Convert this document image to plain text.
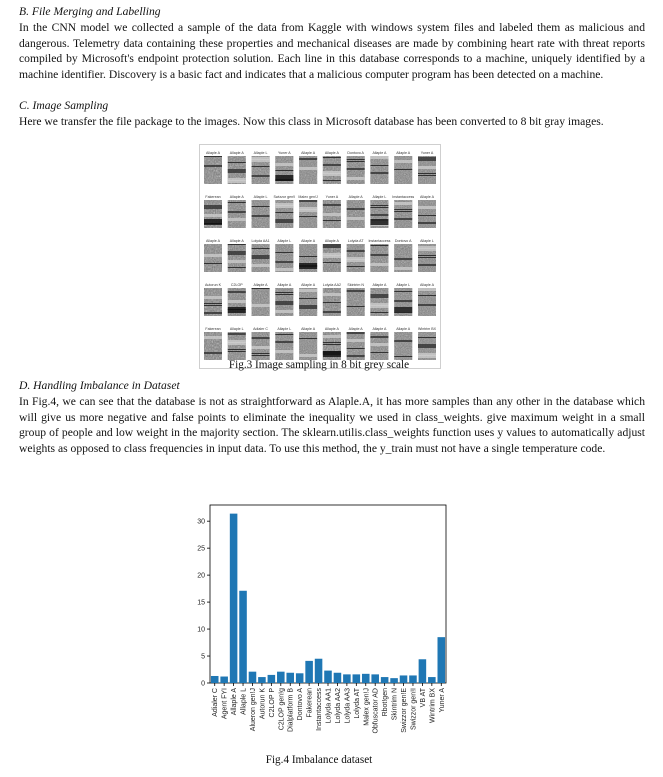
B. File Merging and Labelling
In the CNN model we collected a sample of the data from Kaggle with windows system files and labeled them as malicious and dangerous. Telemetry data containing these properties and mechanical diseases are made by combining heart rate with threat reports compiled by Microsoft's endpoint protection solution. Each line in this database corresponds to a machine, uniquely identified by a machine identifier. Discovery is a basic fact and indicates that a malicious computer program has been detected on a machine.
C. Image Sampling
Here we transfer the file package to the images. Now this class in Microsoft database has been converted to 8 bit gray images.
Allaple A	Allaple A	Allaple L	Yuner A	Allaple A	Allaple A Dontovo A Allaple A	Allaple A	Yuner A
Fakerean	Allaple A	Allaple L Swizzor gen!I Malex gen!J Yuner A	Allaple A	Allaple L Instantaccess Allaple A
Allaple A	Allaple A Lolyda AA1 Allaple L	Allaple A	Allaple A Lolyda AT Instantaccess Dontovo A Allaple L
Autorun K	C2LOP	Allaple A	Allaple A	Allaple A Lolyda AA2 Skintrim N Allaple A	Allaple L	Allaple A
Fakerean	Allaple L	Adialer C	Allaple L	Allaple A	Allaple A	Allaple A	Allaple A	Allaple A Wintrim BX
Fig.3 Image sampling in 8 bit grey scale
D. Handling Imbalance in Dataset
In Fig.4, we can see that the database is not as straightforward as Alaple.A, it has more samples than any other in the database which will give us more negative and false points to eliminate the inequality we used in class_weights. give maximum weight in a small group of people and low weight in the majority section. The sklearn.utilis.class_weights function uses y values to automatically adjust weights as opposed to class frequencies in input data. To use this method, the y_train must not have a single temperature code.
0
5
10
15
20
25
30
Adialer C Agent FYI Allaple A Allaple L Alueron gen!J Autorun K C2LOP P C2LOP gen!g Dialplatform B Dontovo A Fakerean Instantaccess Lolyda AA1 Lolyda AA2 Lolyda AA3 Lolyda AT Malex gen!J Obfuscator AD Rbot!gen Skintrim N Swizzor gen!E Swizzor gen!I VB AT Wintrim BX Yuner A
Fig.4 Imbalance dataset
